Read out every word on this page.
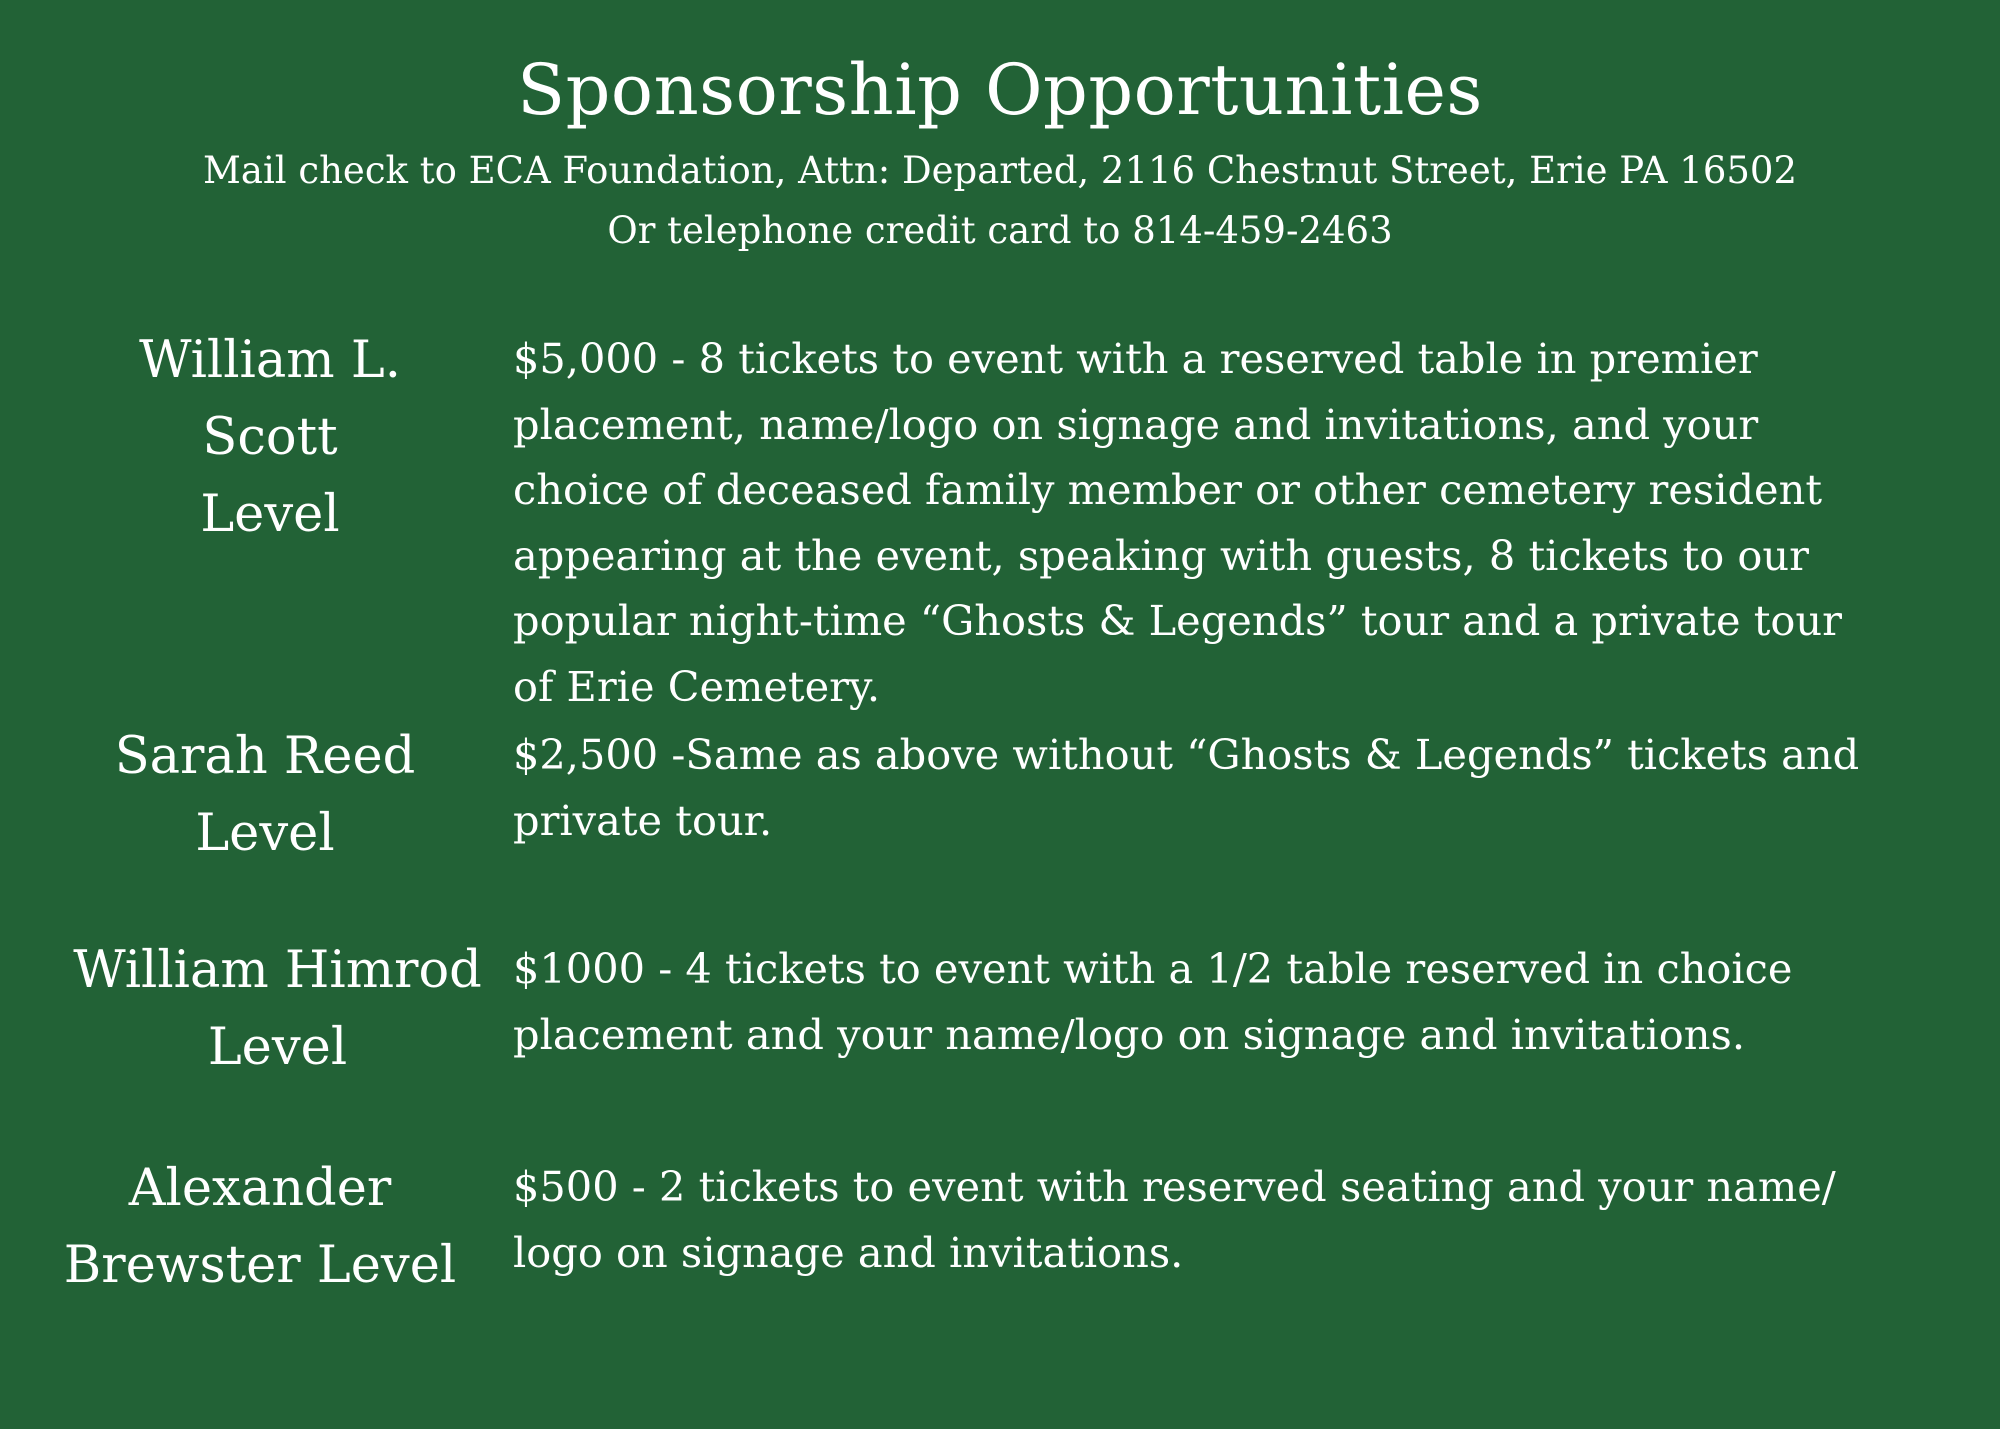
Sponsorship Opportunities

Mail check to ECA Foundation, Attn: Departed, 2116 Chestnut Street, Erie PA 16502

Or telephone credit card to 814-459-2463

William L. Scott
Level
$5,000 - 8 tickets to event with a reserved table in premier placement, name/logo on signage and invitations, and your choice of deceased family member or other cemetery resident appearing at the event, speaking with guests, 8 tickets to our popular night-time “Ghosts & Legends” tour and a private tour of Erie Cemetery.
Sarah Reed
Level
$2,500 -Same as above without “Ghosts & Legends” tickets and private tour.
William Himrod
Level
$1000 - 4 tickets to event with a 1/2 table reserved in choice placement and your name/logo on signage and invitations.
Alexander
Brewster Level
$500 - 2 tickets to event with reserved seating and your name/ logo on signage and invitations.
